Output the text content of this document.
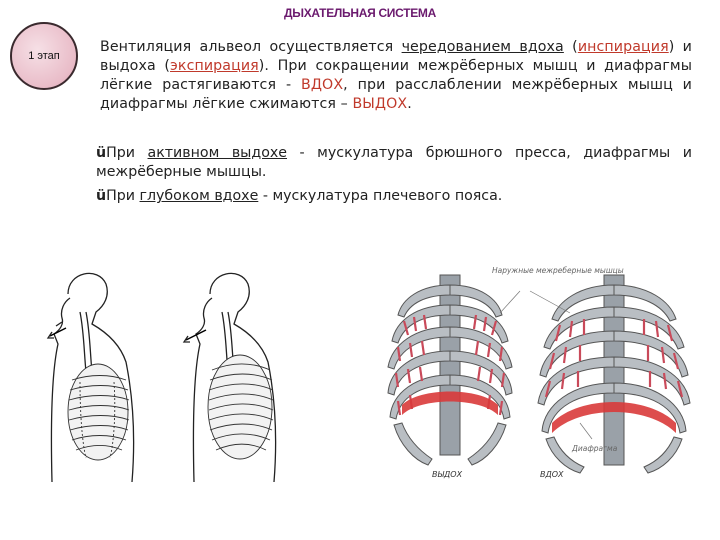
ДЫХАТЕЛЬНАЯ СИСТЕМА
1 этап
Вентиляция альвеол осуществляется чередованием вдоха (инспирация) и выдоха (экспирация). При сокращении межрёберных мышц и диафрагмы лёгкие растягиваются - ВДОХ, при расслаблении межрёберных мышц и диафрагмы лёгкие сжимаются – ВЫДОХ.
üПри активном выдохе - мускулатура брюшного пресса, диафрагмы и межрёберные мышцы.
üПри глубоком вдохе - мускулатура плечевого пояса.
ВЫДОХ	ВДОХ
Наружные межреберные мышцы
Диафрагма
